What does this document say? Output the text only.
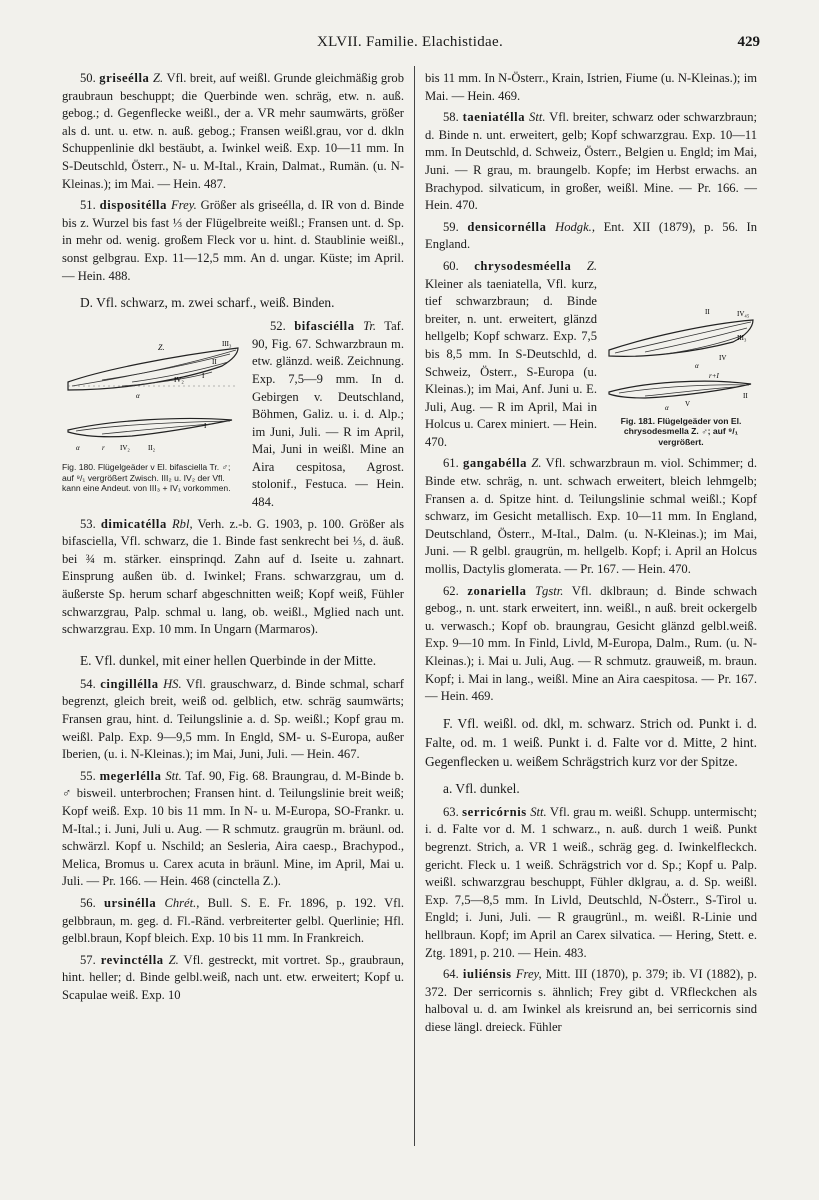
XLVII. Familie. Elachistidae.	429

50. griseélla Z. Vfl. breit, auf weißl. Grunde gleichmäßig grob graubraun beschuppt; die Querbinde wen. schräg, etw. n. auß. gebog.; d. Gegenflecke weißl., der a. VR mehr saumwärts, größer als d. unt. u. etw. n. auß. gebog.; Fransen weißl.grau, vor d. dkln Schuppenlinie dkl bestäubt, a. Iwinkel weiß. Exp. 10—11 mm. In S-Deutschld, Österr., N- u. M-Ital., Krain, Dalmat., Rumän. (u. N-Kleinas.); im Mai. — Hein. 487.

51. dispositélla Frey. Größer als griseélla, d. IR von d. Binde bis z. Wurzel bis fast ⅓ der Flügelbreite weißl.; Fransen unt. d. Sp. in mehr od. wenig. großem Fleck vor u. hint. d. Staublinie weißl., sonst gelbgrau. Exp. 11—12,5 mm. An d. ungar. Küste; im April. — Hein. 488.

D. Vfl. schwarz, m. zwei scharf., weiß. Binden.

Z.	III₃
II
IV₂	I
α
I
α	r IV₂	II₂
Fig. 180. Flügelgeäder v El. bifasciella Tr. ♂; auf ⁹/₁ vergrößert Zwisch. III₂ u. IV₂ der Vfl. kann eine Andeut. von III₃ + IV₁ vorkommen.

52. bifasciélla Tr. Taf. 90, Fig. 67. Schwarzbraun m. etw. glänzd. weiß. Zeichnung. Exp. 7,5—9 mm. In d. Gebirgen v. Deutschland, Böhmen, Galiz. u. i. d. Alp.; im Juni, Juli. — R im April, Mai, Juni in weißl. Mine an Aira cespitosa, Agrost. stolonif., Festuca. — Hein. 484.

53. dimicatélla Rbl, Verh. z.-b. G. 1903, p. 100. Größer als bifasciella, Vfl. schwarz, die 1. Binde fast senkrecht bei ⅓, d. äuß. bei ¾ m. stärker. einsprinqd. Zahn auf d. Iseite u. zahnart. Einsprung außen üb. d. Iwinkel; Frans. schwarzgrau, um d. äußerste Sp. herum scharf abgeschnitten weiß; Kopf weiß, Fühler schwarzgrau, Palp. schmal u. lang, ob. weißl., Mglied nach unt. schwarzgrau. Exp. 10 mm. In Ungarn (Marmaros).

E. Vfl. dunkel, mit einer hellen Querbinde in der Mitte.

54. cingillélla HS. Vfl. grauschwarz, d. Binde schmal, scharf begrenzt, gleich breit, weiß od. gelblich, etw. schräg saumwärts; Fransen grau, hint. d. Teilungslinie a. d. Sp. weißl.; Kopf grau m. weißl. Palp. Exp. 9—9,5 mm. In Engld, SM- u. S-Europa, außer Iberien, (u. i. N-Kleinas.); im Mai, Juni, Juli. — Hein. 467.

55. megerlélla Stt. Taf. 90, Fig. 68. Braungrau, d. M-Binde b. ♂ bisweil. unterbrochen; Fransen hint. d. Teilungslinie breit weiß; Kopf weiß. Exp. 10 bis 11 mm. In N- u. M-Europa, SO-Frankr. u. M-Ital.; i. Juni, Juli u. Aug. — R schmutz. graugrün m. bräunl. od. schwärzl. Kopf u. Nschild; an Sesleria, Aira caesp., Brachypod., Melica, Bromus u. Carex acuta in bräunl. Mine, im April, Mai u. Juli. — Pr. 166. — Hein. 468 (cinctella Z.).

56. ursinélla Chrét., Bull. S. E. Fr. 1896, p. 192. Vfl. gelbbraun, m. geg. d. Fl.-Ränd. verbreiterter gelbl. Querlinie; Hfl. gelbl.braun, Kopf bleich. Exp. 10 bis 11 mm. In Frankreich.

57. revinctélla Z. Vfl. gestreckt, mit vortret. Sp., graubraun, hint. heller; d. Binde gelbl.weiß, nach unt. etw. erweitert; Kopf u. Scapulae weiß. Exp. 10

bis 11 mm. In N-Österr., Krain, Istrien, Fiume (u. N-Kleinas.); im Mai. — Hein. 469.

58. taeniatélla Stt. Vfl. breiter, schwarz oder schwarzbraun; d. Binde n. unt. erweitert, gelb; Kopf schwarzgrau. Exp. 10—11 mm. In Deutschld, d. Schweiz, Österr., Belgien u. Engld; im Mai, Juni. — R grau, m. braungelb. Kopfe; im Herbst erwachs. an Brachypod. silvaticum, in großer, weißl. Mine. — Pr. 166. — Hein. 470.

59. densicornélla Hodgk., Ent. XII (1879), p. 56. In England.

II	IV₄₅
III₃
IV
α
r+I
V
II
α
Fig. 181. Flügelgeäder von El. chrysodesmella Z. ♂; auf ⁹/₁ vergrößert.

60. chrysodesméella Z. Kleiner als taeniatella, Vfl. kurz, tief schwarzbraun; d. Binde breiter, n. unt. erweitert, glänzd hellgelb; Kopf schwarz. Exp. 7,5 bis 8,5 mm. In S-Deutschld, d. Schweiz, Österr., S-Europa (u. Kleinas.); im Mai, Anf. Juni u. E. Juli, Aug. — R im April, Mai in Holcus u. Carex miniert. — Hein. 470.

61. gangabélla Z. Vfl. schwarzbraun m. viol. Schimmer; d. Binde etw. schräg, n. unt. schwach erweitert, bleich lehmgelb; Fransen a. d. Spitze hint. d. Teilungslinie schmal weißl.; Kopf schwarz, im Gesicht metallisch. Exp. 10—11 mm. In England, Deutschland, Österr., M-Ital., Dalm. (u. N-Kleinas.); im Mai, Juni. — R gelbl. graugrün, m. hellgelb. Kopf; i. April an Holcus mollis, Dactylis glomerata. — Pr. 167. — Hein. 470.

62. zonariella Tgstr. Vfl. dklbraun; d. Binde schwach gebog., n. unt. stark erweitert, inn. weißl., n auß. breit ockergelb u. verwasch.; Kopf ob. braungrau, Gesicht glänzd gelbl.weiß. Exp. 9—10 mm. In Finld, Livld, M-Europa, Dalm., Rum. (u. N-Kleinas.); i. Mai u. Juli, Aug. — R schmutz. grauweiß, m. braun. Kopf; i. Mai in lang., weißl. Mine an Aira caespitosa. — Pr. 167. — Hein. 469.

F. Vfl. weißl. od. dkl, m. schwarz. Strich od. Punkt i. d. Falte, od. m. 1 weiß. Punkt i. d. Falte vor d. Mitte, 2 hint. Gegenflecken u. weißem Schrägstrich kurz vor der Spitze.

a. Vfl. dunkel.

63. serricórnis Stt. Vfl. grau m. weißl. Schupp. untermischt; i. d. Falte vor d. M. 1 schwarz., n. auß. durch 1 weiß. Punkt begrenzt. Strich, a. VR 1 weiß., schräg geg. d. Iwinkelfleckch. gericht. Fleck u. 1 weiß. Schrägstrich vor d. Sp.; Kopf u. Palp. weißl. schwarzgrau beschuppt, Fühler dklgrau, a. d. Sp. weißl. Exp. 7,5—8,5 mm. In Livld, Deutschld, N-Österr., S-Tirol u. Engld; i. Juni, Juli. — R graugrünl., m. weißl. R-Linie und hellbraun. Kopf; im April an Carex silvatica. — Hering, Stett. e. Ztg. 1891, p. 210. — Hein. 483.

64. iuliénsis Frey, Mitt. III (1870), p. 379; ib. VI (1882), p. 372. Der serricornis s. ähnlich; Frey gibt d. VRfleckchen als halboval u. d. am Iwinkel als kreisrund an, bei serricornis sind diese längl. dreieck. Fühler
